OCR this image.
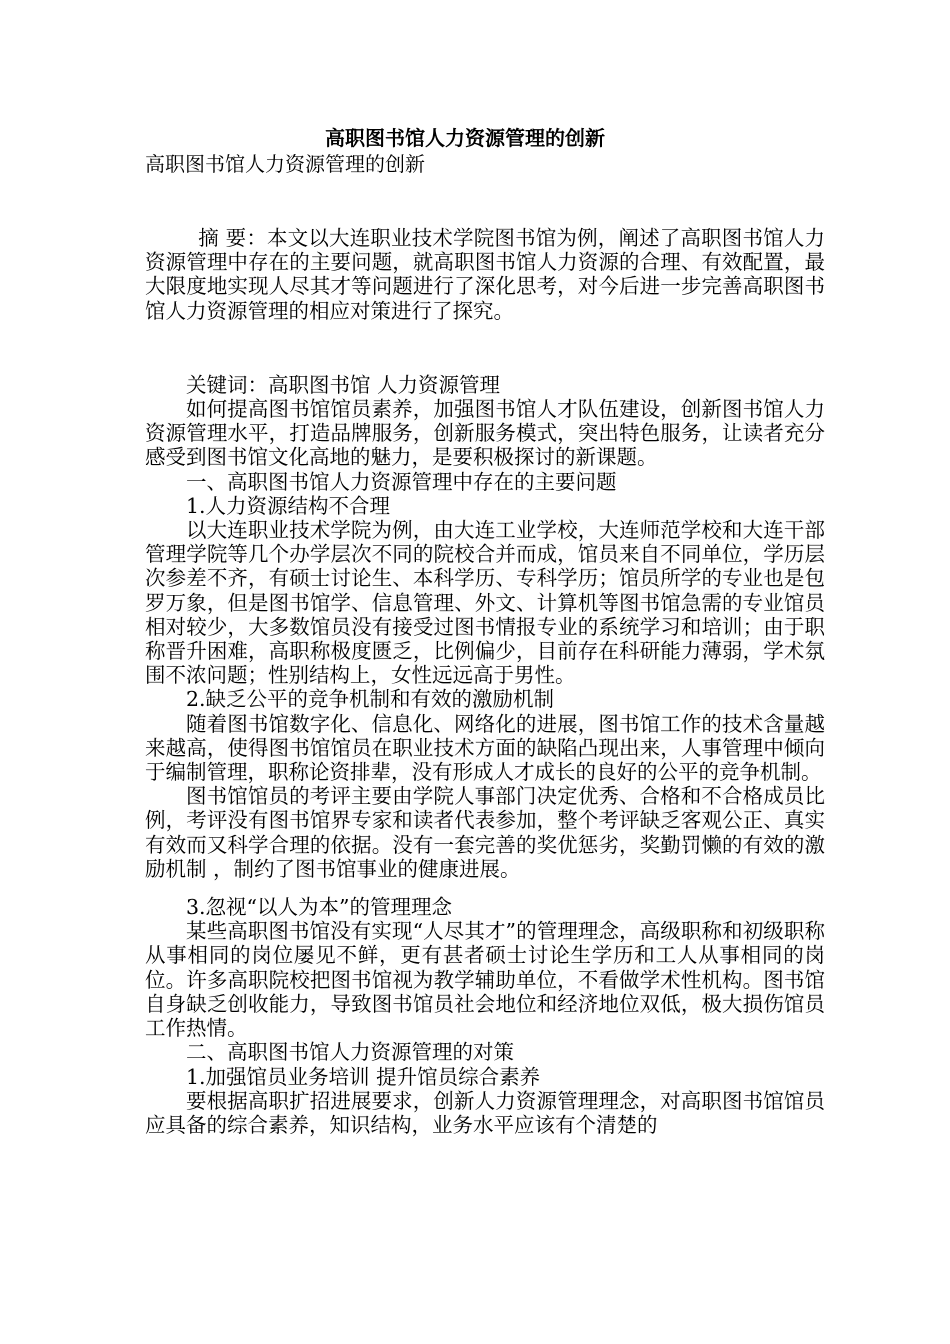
高职图书馆人力资源管理的创新

高职图书馆人力资源管理的创新

摘 要：本文以大连职业技术学院图书馆为例，阐述了高职图书馆人力资源管理中存在的主要问题，就高职图书馆人力资源的合理、有效配置，最大限度地实现人尽其才等问题进行了深化思考，对今后进一步完善高职图书馆人力资源管理的相应对策进行了探究。

关键词：高职图书馆 人力资源管理

如何提高图书馆馆员素养，加强图书馆人才队伍建设，创新图书馆人力资源管理水平，打造品牌服务，创新服务模式，突出特色服务，让读者充分感受到图书馆文化高地的魅力，是要积极探讨的新课题。

一、高职图书馆人力资源管理中存在的主要问题

1.人力资源结构不合理

以大连职业技术学院为例，由大连工业学校，大连师范学校和大连干部管理学院等几个办学层次不同的院校合并而成，馆员来自不同单位，学历层次参差不齐，有硕士讨论生、本科学历、专科学历；馆员所学的专业也是包罗万象，但是图书馆学、信息管理、外文、计算机等图书馆急需的专业馆员相对较少，大多数馆员没有接受过图书情报专业的系统学习和培训；由于职称晋升困难，高职称极度匮乏，比例偏少，目前存在科研能力薄弱，学术氛围不浓问题；性别结构上，女性远远高于男性。

2.缺乏公平的竞争机制和有效的激励机制

随着图书馆数字化、信息化、网络化的进展，图书馆工作的技术含量越来越高，使得图书馆馆员在职业技术方面的缺陷凸现出来，人事管理中倾向于编制管理，职称论资排辈，没有形成人才成长的良好的公平的竞争机制。

图书馆馆员的考评主要由学院人事部门决定优秀、合格和不合格成员比例，考评没有图书馆界专家和读者代表参加，整个考评缺乏客观公正、真实有效而又科学合理的依据。没有一套完善的奖优惩劣，奖勤罚懒的有效的激励机制 ，制约了图书馆事业的健康进展。

3.忽视“以人为本”的管理理念

某些高职图书馆没有实现“人尽其才”的管理理念，高级职称和初级职称从事相同的岗位屡见不鲜，更有甚者硕士讨论生学历和工人从事相同的岗位。许多高职院校把图书馆视为教学辅助单位，不看做学术性机构。图书馆自身缺乏创收能力，导致图书馆员社会地位和经济地位双低，极大损伤馆员工作热情。

二、高职图书馆人力资源管理的对策

1.加强馆员业务培训 提升馆员综合素养

要根据高职扩招进展要求，创新人力资源管理理念，对高职图书馆馆员应具备的综合素养，知识结构，业务水平应该有个清楚的
